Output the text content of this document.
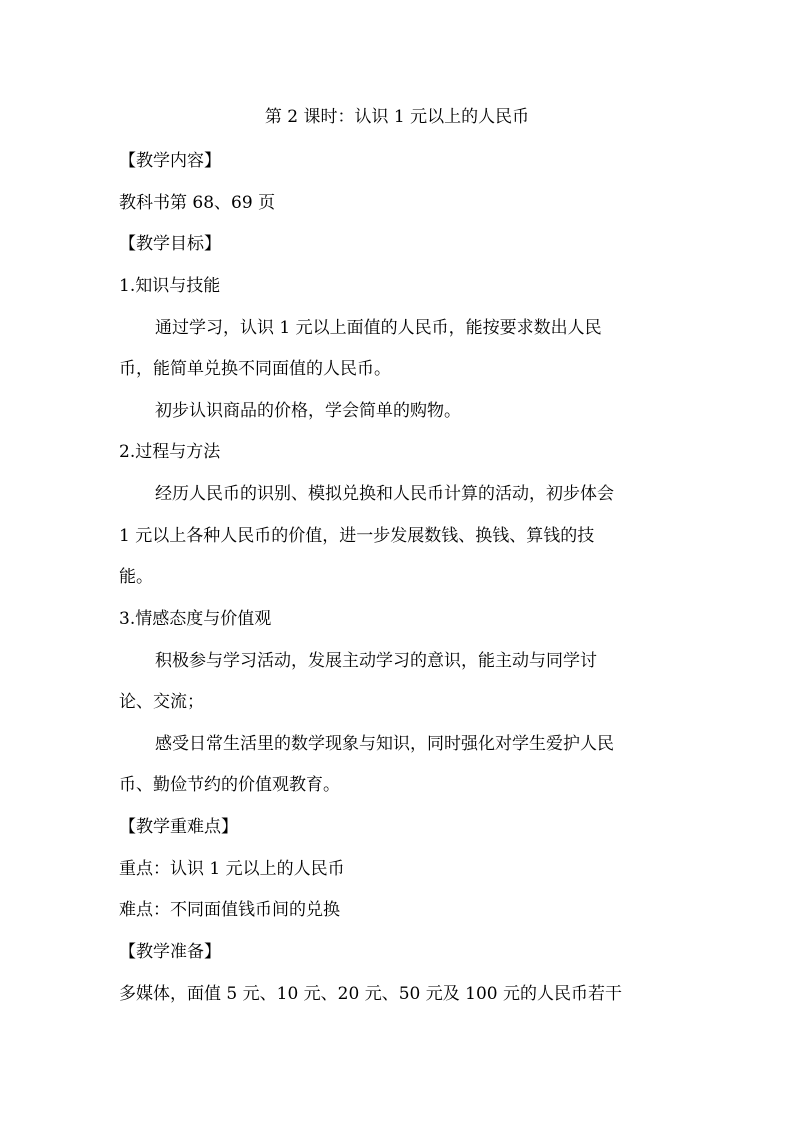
第 2 课时：认识 1 元以上的人民币
【教学内容】
教科书第 68、69 页
【教学目标】
1.知识与技能
通过学习，认识 1 元以上面值的人民币，能按要求数出人民
币，能简单兑换不同面值的人民币。
初步认识商品的价格，学会简单的购物。
2.过程与方法
经历人民币的识别、模拟兑换和人民币计算的活动，初步体会
1 元以上各种人民币的价值，进一步发展数钱、换钱、算钱的技
能。
3.情感态度与价值观
积极参与学习活动，发展主动学习的意识，能主动与同学讨
论、交流；
感受日常生活里的数学现象与知识，同时强化对学生爱护人民
币、勤俭节约的价值观教育。
【教学重难点】
重点：认识 1 元以上的人民币
难点：不同面值钱币间的兑换
【教学准备】
多媒体，面值 5 元、10 元、20 元、50 元及 100 元的人民币若干
